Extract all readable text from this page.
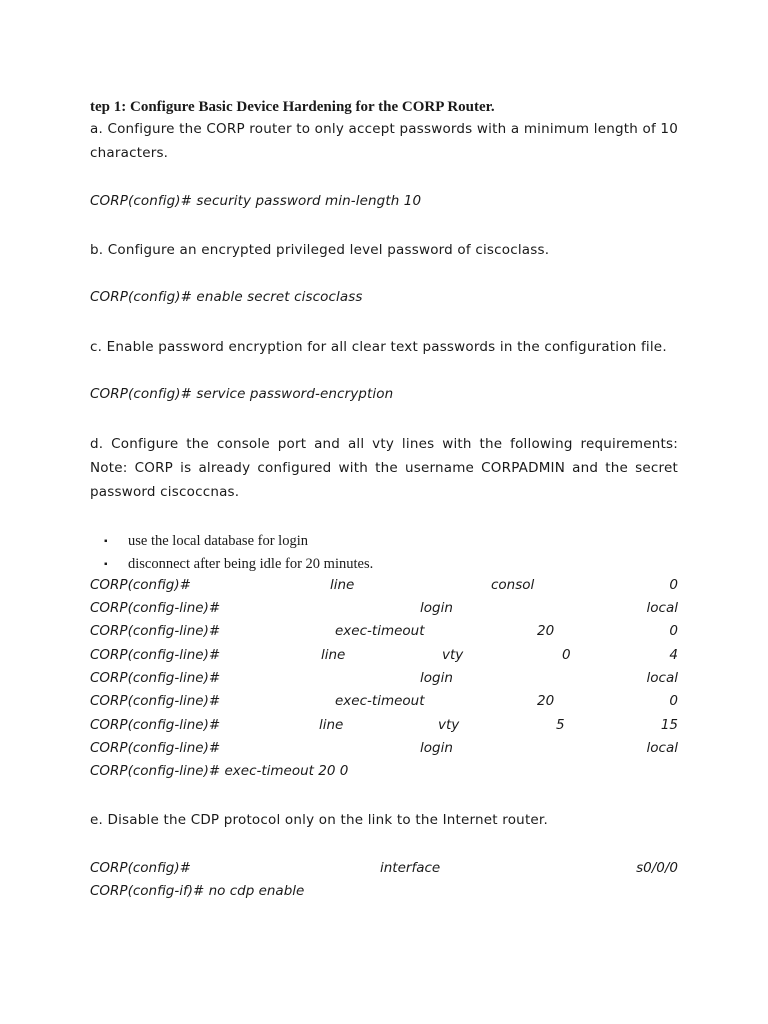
tep 1: Configure Basic Device Hardening for the CORP Router.
a. Configure the CORP router to only accept passwords with a minimum length of 10 characters.
CORP(config)# security password min-length 10
b. Configure an encrypted privileged level password of ciscoclass.
CORP(config)# enable secret ciscoclass
c. Enable password encryption for all clear text passwords in the configuration file.
CORP(config)# service password-encryption
d. Configure the console port and all vty lines with the following requirements: Note: CORP is already configured with the username CORPADMIN and the secret password ciscoccnas.
▪ use the local database for login
▪ disconnect after being idle for 20 minutes.
CORP(config)#	line	consol	0
CORP(config-line)#	login	local
CORP(config-line)#	exec-timeout	20	0
CORP(config-line)#	line	vty	0	4
CORP(config-line)#	login	local
CORP(config-line)#	exec-timeout	20	0
CORP(config-line)#	line	vty	5	15
CORP(config-line)#	login	local
CORP(config-line)# exec-timeout 20 0
e. Disable the CDP protocol only on the link to the Internet router.
CORP(config)#	interface	s0/0/0
CORP(config-if)# no cdp enable
